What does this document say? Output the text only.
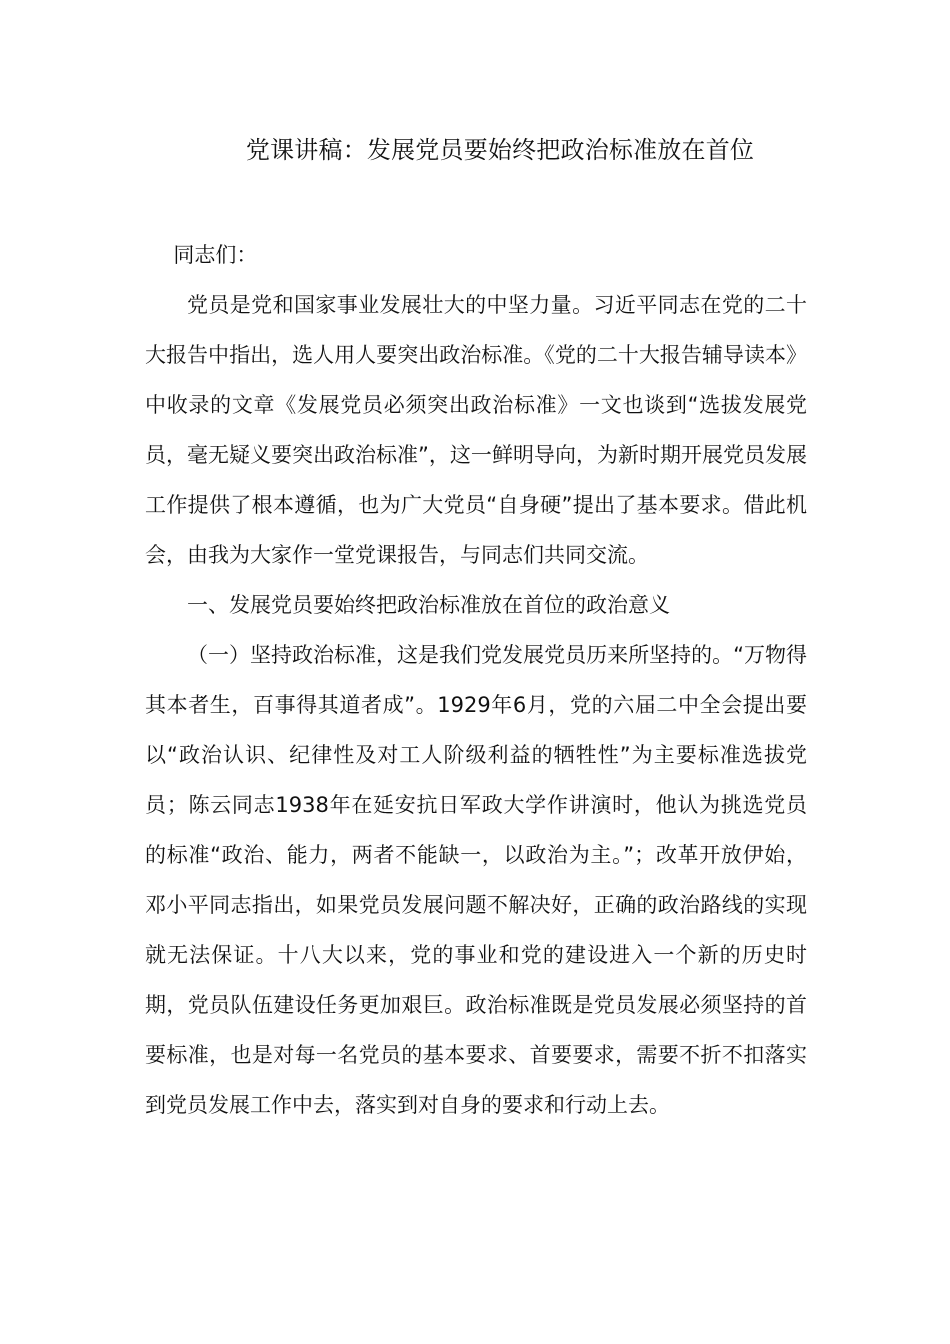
党课讲稿：发展党员要始终把政治标准放在首位

同志们：

党员是党和国家事业发展壮大的中坚力量。习近平同志在党的二十大报告中指出，选人用人要突出政治标准。《党的二十大报告辅导读本》中收录的文章《发展党员必须突出政治标准》一文也谈到“选拔发展党员，毫无疑义要突出政治标准”，这一鲜明导向，为新时期开展党员发展工作提供了根本遵循，也为广大党员“自身硬”提出了基本要求。借此机会，由我为大家作一堂党课报告，与同志们共同交流。

一、发展党员要始终把政治标准放在首位的政治意义

（一）坚持政治标准，这是我们党发展党员历来所坚持的。“万物得其本者生，百事得其道者成”。1929年6月，党的六届二中全会提出要以“政治认识、纪律性及对工人阶级利益的牺牲性”为主要标准选拔党员；陈云同志1938年在延安抗日军政大学作讲演时，他认为挑选党员的标准“政治、能力，两者不能缺一，以政治为主。”；改革开放伊始，邓小平同志指出，如果党员发展问题不解决好，正确的政治路线的实现就无法保证。十八大以来，党的事业和党的建设进入一个新的历史时期，党员队伍建设任务更加艰巨。政治标准既是党员发展必须坚持的首要标准，也是对每一名党员的基本要求、首要要求，需要不折不扣落实到党员发展工作中去，落实到对自身的要求和行动上去。
